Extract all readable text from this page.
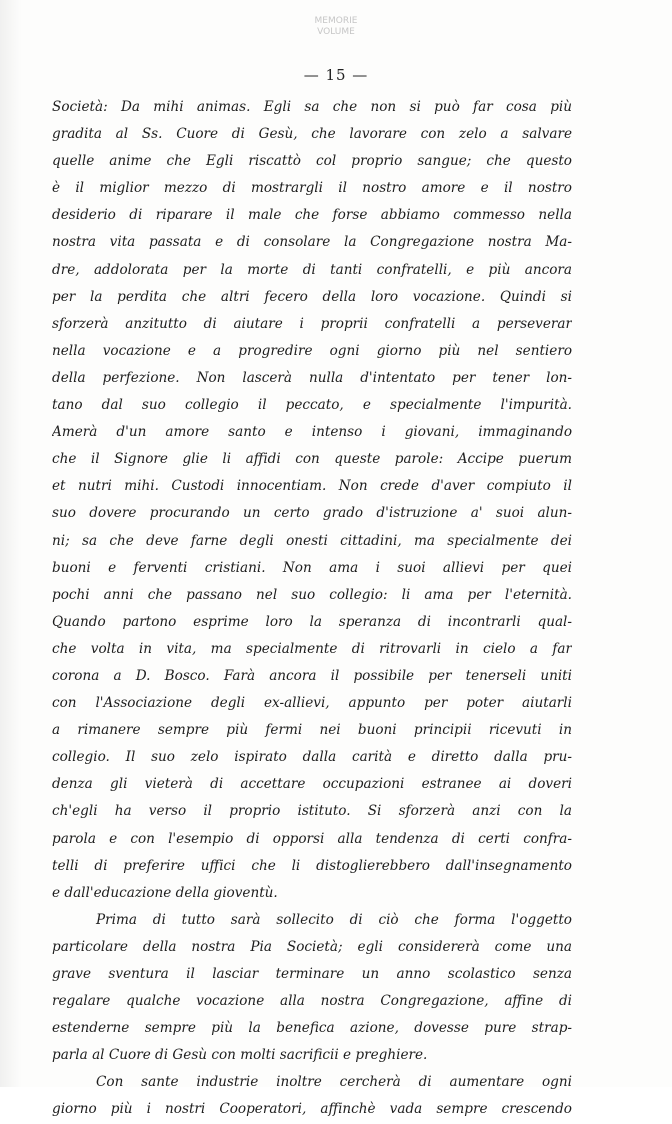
MEMORIE
VOLUME
— 15 —
Società: Da mihi animas. Egli sa che non si può far cosa più
gradita al Ss. Cuore di Gesù, che lavorare con zelo a salvare
quelle anime che Egli riscattò col proprio sangue; che questo
è il miglior mezzo di mostrargli il nostro amore e il nostro
desiderio di riparare il male che forse abbiamo commesso nella
nostra vita passata e di consolare la Congregazione nostra Ma-
dre, addolorata per la morte di tanti confratelli, e più ancora
per la perdita che altri fecero della loro vocazione. Quindi si
sforzerà anzitutto di aiutare i proprii confratelli a perseverar
nella vocazione e a progredire ogni giorno più nel sentiero
della perfezione. Non lascerà nulla d'intentato per tener lon-
tano dal suo collegio il peccato, e specialmente l'impurità.
Amerà d'un amore santo e intenso i giovani, immaginando
che il Signore glie li affidi con queste parole: Accipe puerum
et nutri mihi. Custodi innocentiam. Non crede d'aver compiuto il
suo dovere procurando un certo grado d'istruzione a' suoi alun-
ni; sa che deve farne degli onesti cittadini, ma specialmente dei
buoni e ferventi cristiani. Non ama i suoi allievi per quei
pochi anni che passano nel suo collegio: li ama per l'eternità.
Quando partono esprime loro la speranza di incontrarli qual-
che volta in vita, ma specialmente di ritrovarli in cielo a far
corona a D. Bosco. Farà ancora il possibile per tenerseli uniti
con l'Associazione degli ex-allievi, appunto per poter aiutarli
a rimanere sempre più fermi nei buoni principii ricevuti in
collegio. Il suo zelo ispirato dalla carità e diretto dalla pru-
denza gli vieterà di accettare occupazioni estranee ai doveri
ch'egli ha verso il proprio istituto. Si sforzerà anzi con la
parola e con l'esempio di opporsi alla tendenza di certi confra-
telli di preferire uffici che li distoglierebbero dall'insegnamento
e dall'educazione della gioventù.
Prima di tutto sarà sollecito di ciò che forma l'oggetto
particolare della nostra Pia Società; egli considererà come una
grave sventura il lasciar terminare un anno scolastico senza
regalare qualche vocazione alla nostra Congregazione, affine di
estenderne sempre più la benefica azione, dovesse pure strap-
parla al Cuore di Gesù con molti sacrificii e preghiere.
Con sante industrie inoltre cercherà di aumentare ogni
giorno più i nostri Cooperatori, affinchè vada sempre crescendo
